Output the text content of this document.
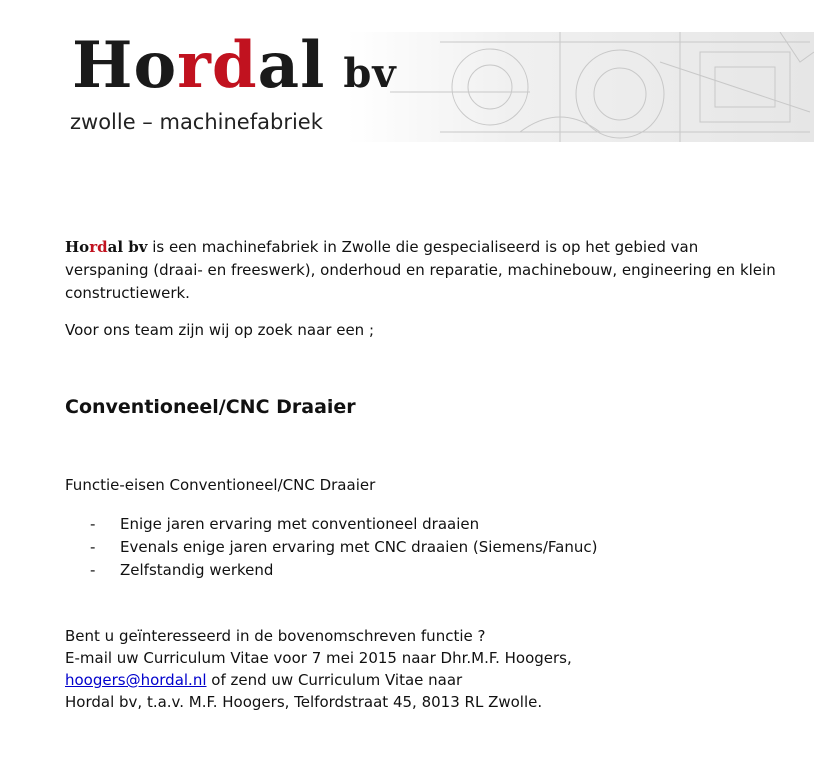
Hordal bv
zwolle – machinefabriek

Hordal bv is een machinefabriek in Zwolle die gespecialiseerd is op het gebied van verspaning (draai- en freeswerk), onderhoud en reparatie, machinebouw, engineering en klein constructiewerk.

Voor ons team zijn wij op zoek naar een ;

Conventioneel/CNC Draaier
Functie-eisen Conventioneel/CNC Draaier
- Enige jaren ervaring met conventioneel draaien
- Evenals enige jaren ervaring met CNC draaien (Siemens/Fanuc)
- Zelfstandig werkend
Bent u geïnteresseerd in de bovenomschreven functie ?
E-mail uw Curriculum Vitae voor 7 mei 2015 naar Dhr.M.F. Hoogers,
hoogers@hordal.nl of zend uw Curriculum Vitae naar
Hordal bv, t.a.v. M.F. Hoogers, Telfordstraat 45, 8013 RL Zwolle.
